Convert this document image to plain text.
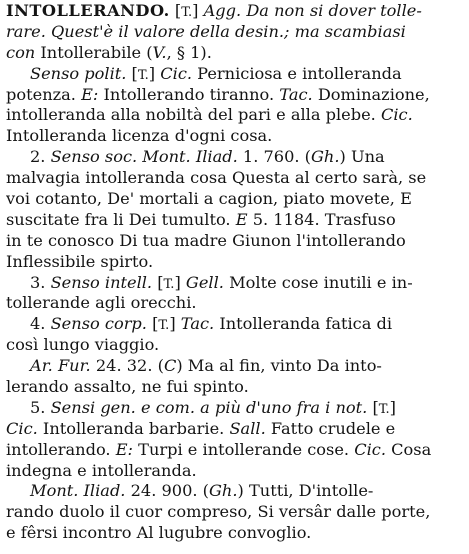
INTOLLERANDO. [T.] Agg. Da non si dover tolle-
rare. Quest'è il valore della desin.; ma scambiasi
con Intollerabile (V., § 1).
Senso polit. [T.] Cic. Perniciosa e intolleranda
potenza. E: Intollerando tiranno. Tac. Dominazione,
intolleranda alla nobiltà del pari e alla plebe. Cic.
Intolleranda licenza d'ogni cosa.
2. Senso soc. Mont. Iliad. 1. 760. (Gh.) Una
malvagia intolleranda cosa Questa al certo sarà, se
voi cotanto, De' mortali a cagion, piato movete, E
suscitate fra li Dei tumulto. E 5. 1184. Trasfuso
in te conosco Di tua madre Giunon l'intollerando
Inflessibile spirto.
3. Senso intell. [T.] Gell. Molte cose inutili e in-
tollerande agli orecchi.
4. Senso corp. [T.] Tac. Intolleranda fatica di
così lungo viaggio.
Ar. Fur. 24. 32. (C) Ma al fin, vinto Da into-
lerando assalto, ne fui spinto.
5. Sensi gen. e com. a più d'uno fra i not. [T.]
Cic. Intolleranda barbarie. Sall. Fatto crudele e
intollerando. E: Turpi e intollerande cose. Cic. Cosa
indegna e intolleranda.
Mont. Iliad. 24. 900. (Gh.) Tutti, D'intolle-
rando duolo il cuor compreso, Si versâr dalle porte,
e fêrsi incontro Al lugubre convoglio.
